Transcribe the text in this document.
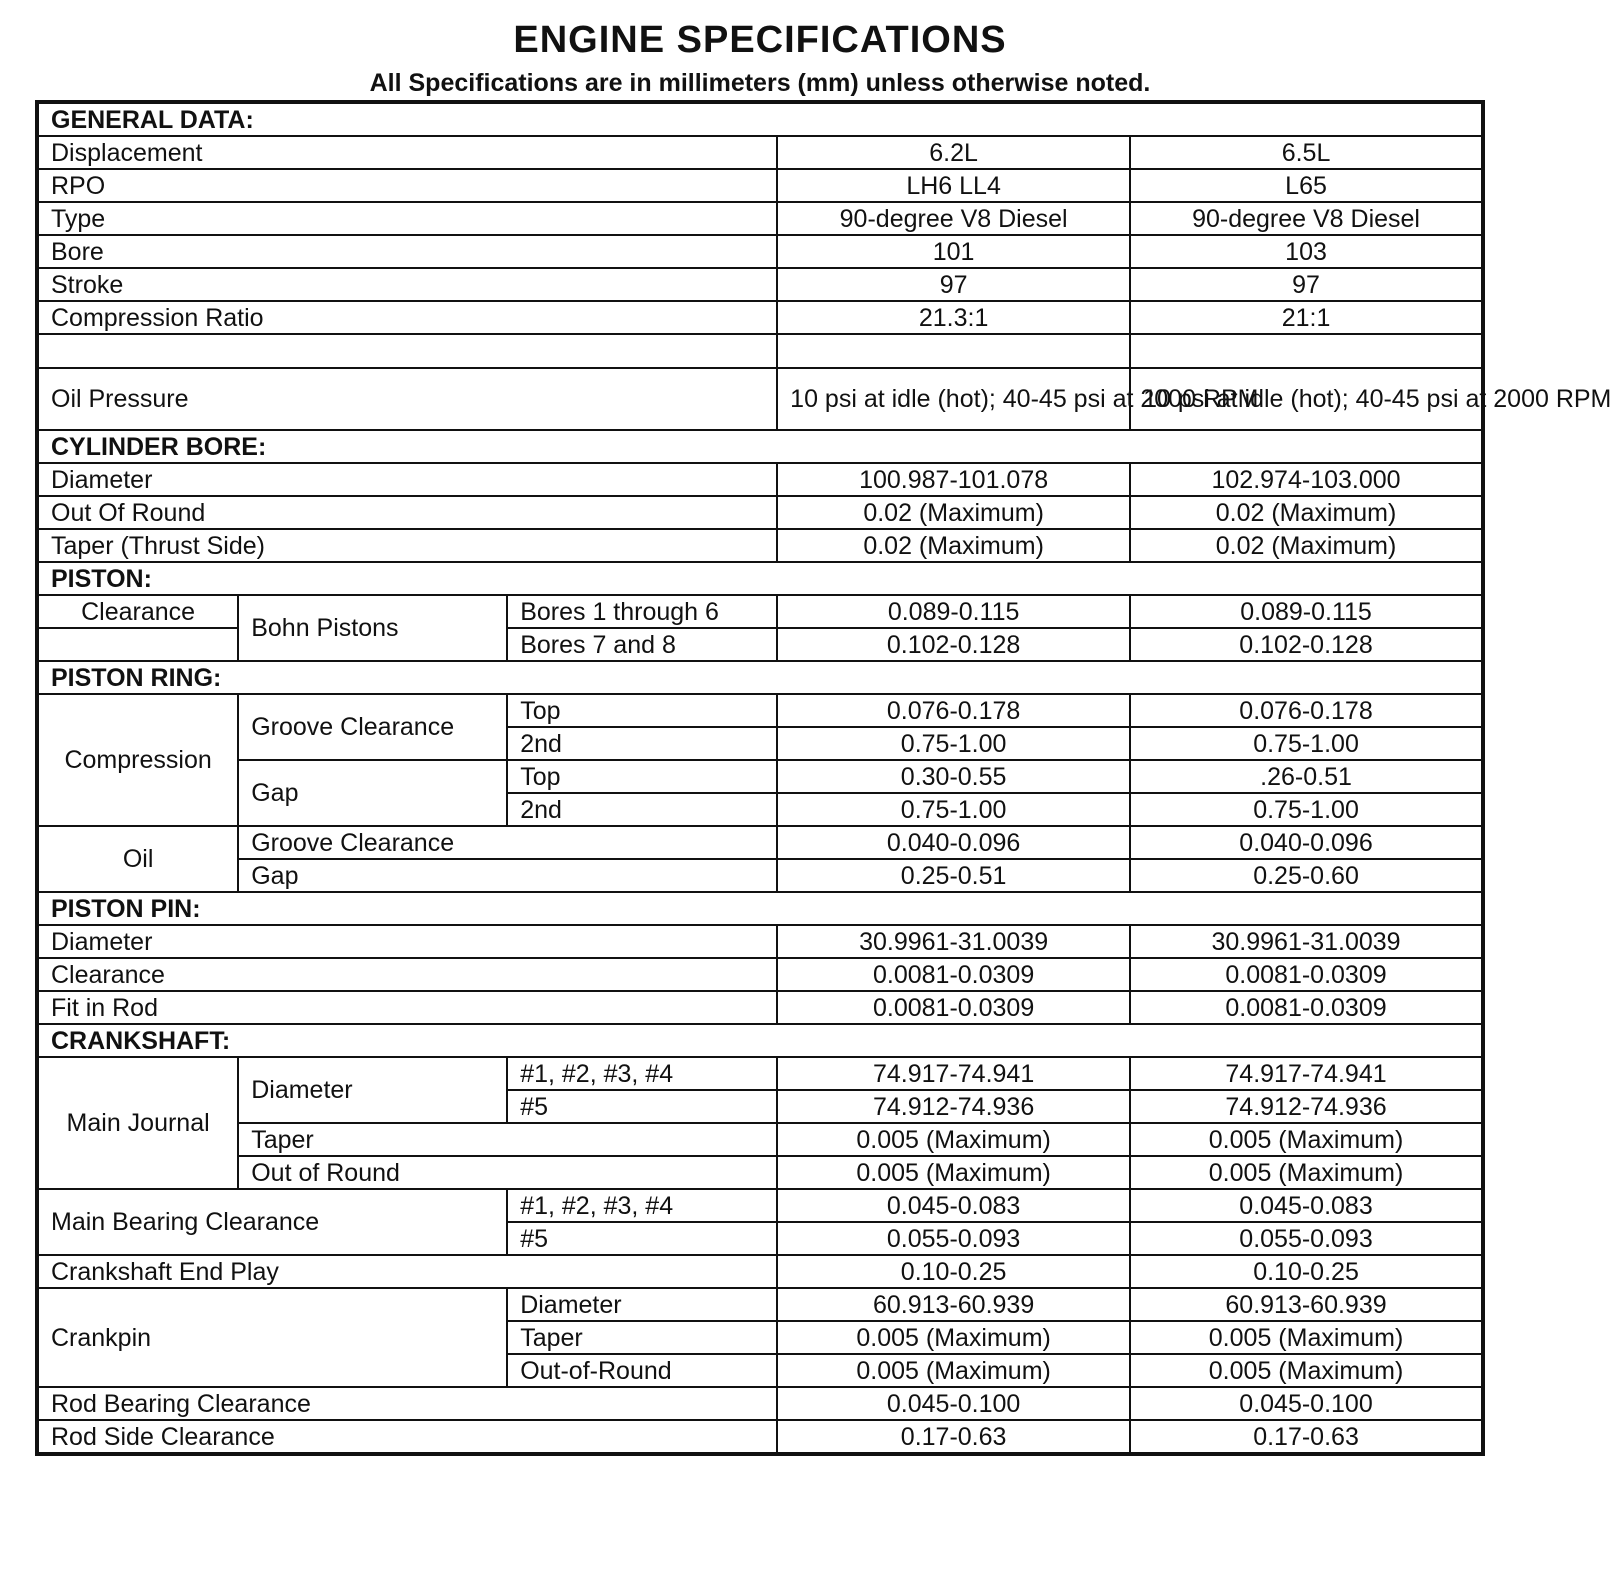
ENGINE SPECIFICATIONS
All Specifications are in millimeters (mm) unless otherwise noted.
GENERAL DATA:				
Displacement			6.2L	6.5L
RPO			LH6 LL4	L65
Type			90-degree V8 Diesel	90-degree V8 Diesel
Bore			101	103
Stroke			97	97
Compression Ratio			21.3:1	21:1

Oil Pressure			10 psi at idle (hot); 40-45 psi at 2000 RPM	10 psi at idle (hot); 40-45 psi at 2000 RPM
CYLINDER BORE:				
Diameter			100.987-101.078	102.974-103.000
Out Of Round			0.02 (Maximum)	0.02 (Maximum)
Taper (Thrust Side)			0.02 (Maximum)	0.02 (Maximum)
PISTON:				
Clearance	Bohn Pistons	Bores 1 through 6	0.089-0.115	0.089-0.115
		Bores 7 and 8	0.102-0.128	0.102-0.128
PISTON RING:				
Compression	Groove Clearance	Top	0.076-0.178	0.076-0.178
		2nd	0.75-1.00	0.75-1.00
	Gap	Top	0.30-0.55	.26-0.51
		2nd	0.75-1.00	0.75-1.00
Oil	Groove Clearance		0.040-0.096	0.040-0.096
	Gap		0.25-0.51	0.25-0.60
PISTON PIN:				
Diameter			30.9961-31.0039	30.9961-31.0039
Clearance			0.0081-0.0309	0.0081-0.0309
Fit in Rod			0.0081-0.0309	0.0081-0.0309
CRANKSHAFT:				
Main Journal	Diameter	#1, #2, #3, #4	74.917-74.941	74.917-74.941
		#5	74.912-74.936	74.912-74.936
	Taper		0.005 (Maximum)	0.005 (Maximum)
	Out of Round		0.005 (Maximum)	0.005 (Maximum)
Main Bearing Clearance		#1, #2, #3, #4	0.045-0.083	0.045-0.083
		#5	0.055-0.093	0.055-0.093
Crankshaft End Play			0.10-0.25	0.10-0.25
Crankpin		Diameter	60.913-60.939	60.913-60.939
		Taper	0.005 (Maximum)	0.005 (Maximum)
		Out-of-Round	0.005 (Maximum)	0.005 (Maximum)
Rod Bearing Clearance			0.045-0.100	0.045-0.100
Rod Side Clearance			0.17-0.63	0.17-0.63
